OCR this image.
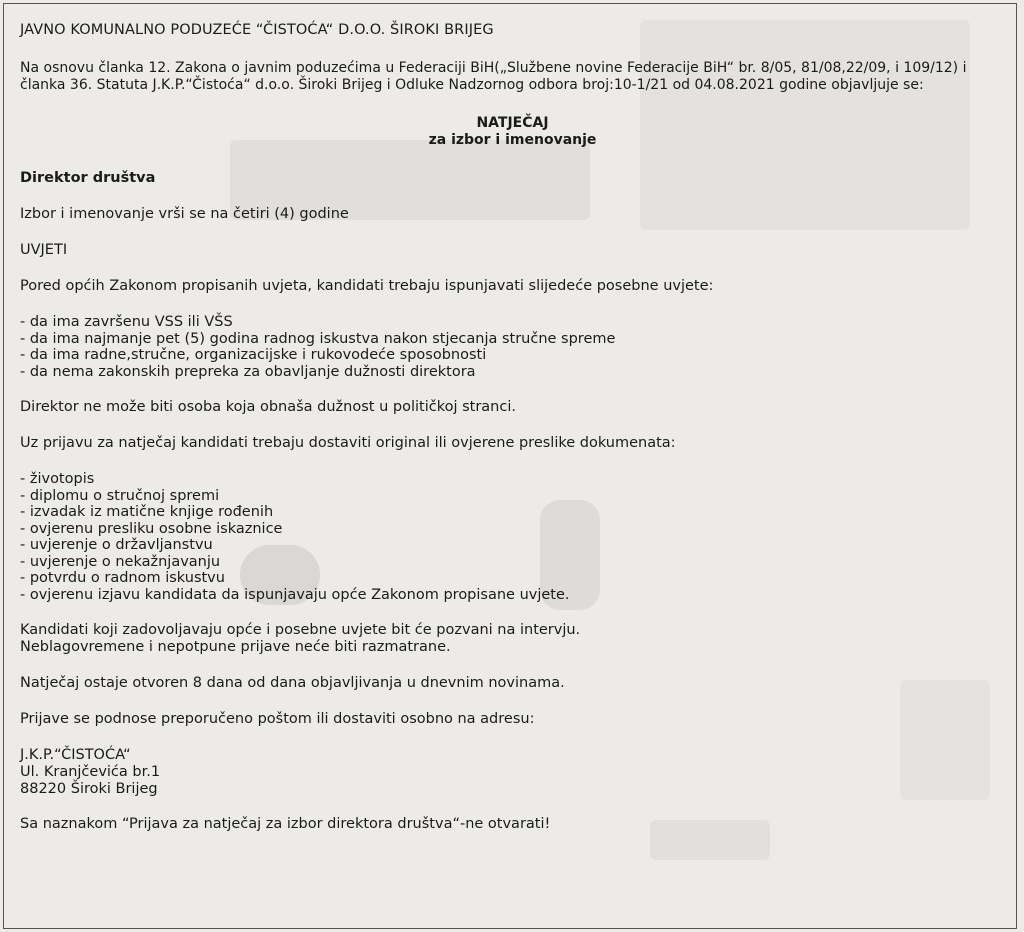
JAVNO KOMUNALNO PODUZEĆE “ČISTOĆA“ D.O.O. ŠIROKI BRIJEG

Na osnovu članka 12. Zakona o javnim poduzećima u Federaciji BiH(„Službene novine Federacije BiH“ br. 8/05, 81/08,22/09, i 109/12) i članka 36. Statuta J.K.P.“Čistoća“ d.o.o. Široki Brijeg i Odluke Nadzornog odbora broj:10-1/21 od 04.08.2021 godine objavljuje se:

NATJEČAJ
za izbor i imenovanje

Direktor društva

Izbor i imenovanje vrši se na četiri (4) godine

UVJETI

Pored općih Zakonom propisanih uvjeta, kandidati trebaju ispunjavati slijedeće posebne uvjete:

- da ima završenu VSS ili VŠS
- da ima najmanje pet (5) godina radnog iskustva nakon stjecanja stručne spreme
- da ima radne,stručne, organizacijske i rukovodeće sposobnosti
- da nema zakonskih prepreka za obavljanje dužnosti direktora

Direktor ne može biti osoba koja obnaša dužnost u političkoj stranci.

Uz prijavu za natječaj kandidati trebaju dostaviti original ili ovjerene preslike dokumenata:

- životopis
- diplomu o stručnoj spremi
- izvadak iz matične knjige rođenih
- ovjerenu presliku osobne iskaznice
- uvjerenje o državljanstvu
- uvjerenje o nekažnjavanju
- potvrdu o radnom iskustvu
- ovjerenu izjavu kandidata da ispunjavaju opće Zakonom propisane uvjete.

Kandidati koji zadovoljavaju opće i posebne uvjete bit će pozvani na intervju.
Neblagovremene i nepotpune prijave neće biti razmatrane.

Natječaj ostaje otvoren 8 dana od dana objavljivanja u dnevnim novinama.

Prijave se podnose preporučeno poštom ili dostaviti osobno na adresu:

J.K.P.“ČISTOĆA“
Ul. Kranjčevića br.1
88220 Široki Brijeg

Sa naznakom “Prijava za natječaj za izbor direktora društva“-ne otvarati!
